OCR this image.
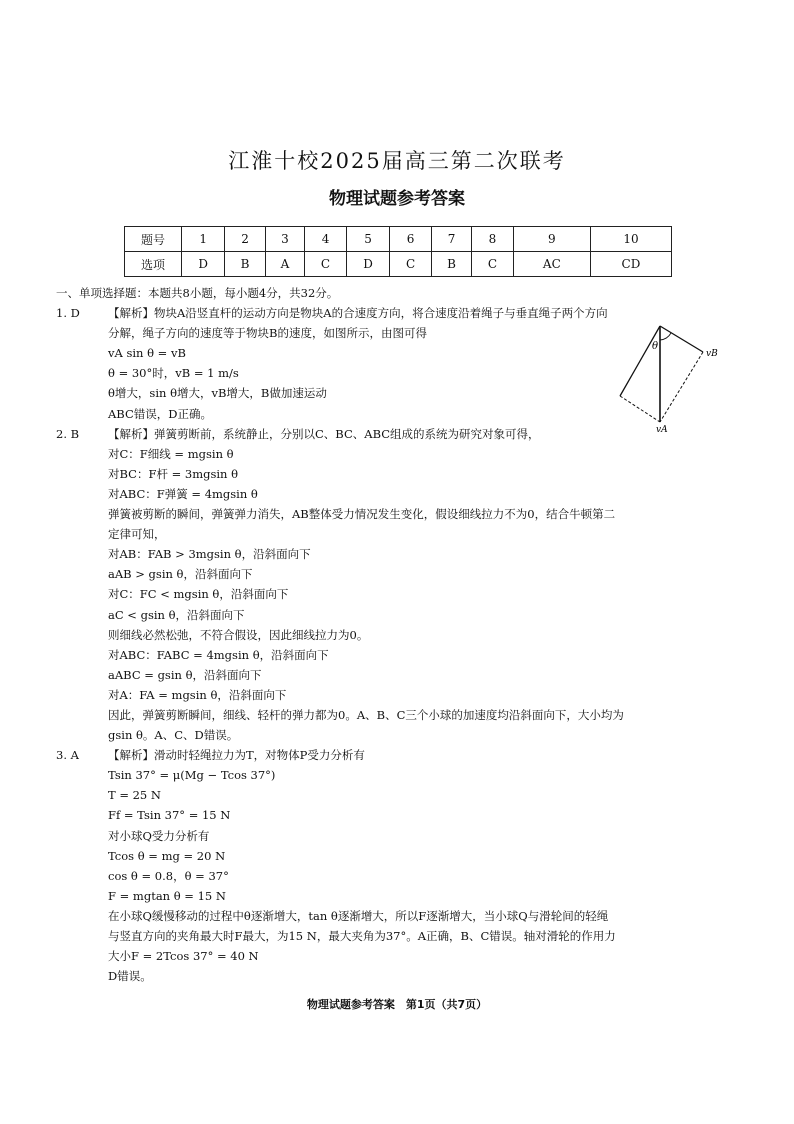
江淮十校2025届高三第二次联考
物理试题参考答案
题号	1	2	3	4	5	6	7	8	9	10
选项	D	B	A	C	D	C	B	C	AC	CD

一、单项选择题：本题共8小题，每小题4分，共32分。

1. D	【解析】物块A沿竖直杆的运动方向是物块A的合速度方向，将合速度沿着绳子与垂直绳子两个方向

分解，绳子方向的速度等于物块B的速度，如图所示，由图可得

vA sin θ = vB

θ = 30°时，vB = 1 m/s

θ增大，sin θ增大，vB增大，B做加速运动

ABC错误，D正确。

2. B	【解析】弹簧剪断前，系统静止，分别以C、BC、ABC组成的系统为研究对象可得，

对C：F细线 = mgsin θ

对BC：F杆 = 3mgsin θ

对ABC：F弹簧 = 4mgsin θ

弹簧被剪断的瞬间，弹簧弹力消失，AB整体受力情况发生变化，假设细线拉力不为0，结合牛顿第二

定律可知，

对AB：FAB > 3mgsin θ，沿斜面向下

aAB > gsin θ，沿斜面向下

对C：FC < mgsin θ，沿斜面向下

aC < gsin θ，沿斜面向下

则细线必然松弛，不符合假设，因此细线拉力为0。

对ABC：FABC = 4mgsin θ，沿斜面向下

aABC = gsin θ，沿斜面向下

对A：FA = mgsin θ，沿斜面向下

因此，弹簧剪断瞬间，细线、轻杆的弹力都为0。A、B、C三个小球的加速度均沿斜面向下，大小均为

gsin θ。A、C、D错误。

3. A	【解析】滑动时轻绳拉力为T，对物体P受力分析有

Tsin 37° = μ(Mg − Tcos 37°)

T = 25 N

Ff = Tsin 37° = 15 N

对小球Q受力分析有

Tcos θ = mg = 20 N

cos θ = 0.8，θ = 37°

F = mgtan θ = 15 N

在小球Q缓慢移动的过程中θ逐渐增大，tan θ逐渐增大，所以F逐渐增大，当小球Q与滑轮间的轻绳

与竖直方向的夹角最大时F最大，为15 N，最大夹角为37°。A正确，B、C错误。轴对滑轮的作用力

大小F = 2Tcos 37° = 40 N

D错误。

θ
vB
vA
物理试题参考答案　第1页（共7页）
